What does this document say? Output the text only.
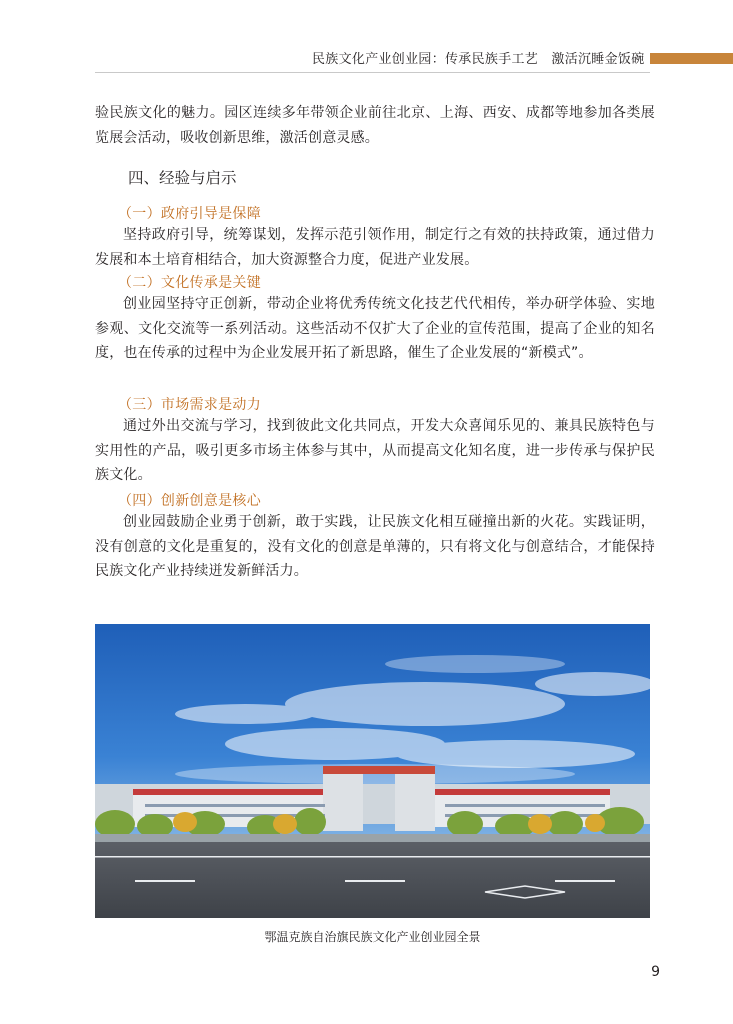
民族文化产业创业园：传承民族手工艺　激活沉睡金饭碗

验民族文化的魅力。园区连续多年带领企业前往北京、上海、西安、成都等地参加各类展览展会活动，吸收创新思维，激活创意灵感。

四、经验与启示
（一）政府引导是保障

坚持政府引导，统筹谋划，发挥示范引领作用，制定行之有效的扶持政策，通过借力发展和本土培育相结合，加大资源整合力度，促进产业发展。

（二）文化传承是关键

创业园坚持守正创新，带动企业将优秀传统文化技艺代代相传，举办研学体验、实地参观、文化交流等一系列活动。这些活动不仅扩大了企业的宣传范围，提高了企业的知名度，也在传承的过程中为企业发展开拓了新思路，催生了企业发展的“新模式”。

（三）市场需求是动力

通过外出交流与学习，找到彼此文化共同点，开发大众喜闻乐见的、兼具民族特色与实用性的产品，吸引更多市场主体参与其中，从而提高文化知名度，进一步传承与保护民族文化。

（四）创新创意是核心

创业园鼓励企业勇于创新，敢于实践，让民族文化相互碰撞出新的火花。实践证明，没有创意的文化是重复的，没有文化的创意是单薄的，只有将文化与创意结合，才能保持民族文化产业持续迸发新鲜活力。

鄂温克族自治旗民族文化产业创业园全景
9
